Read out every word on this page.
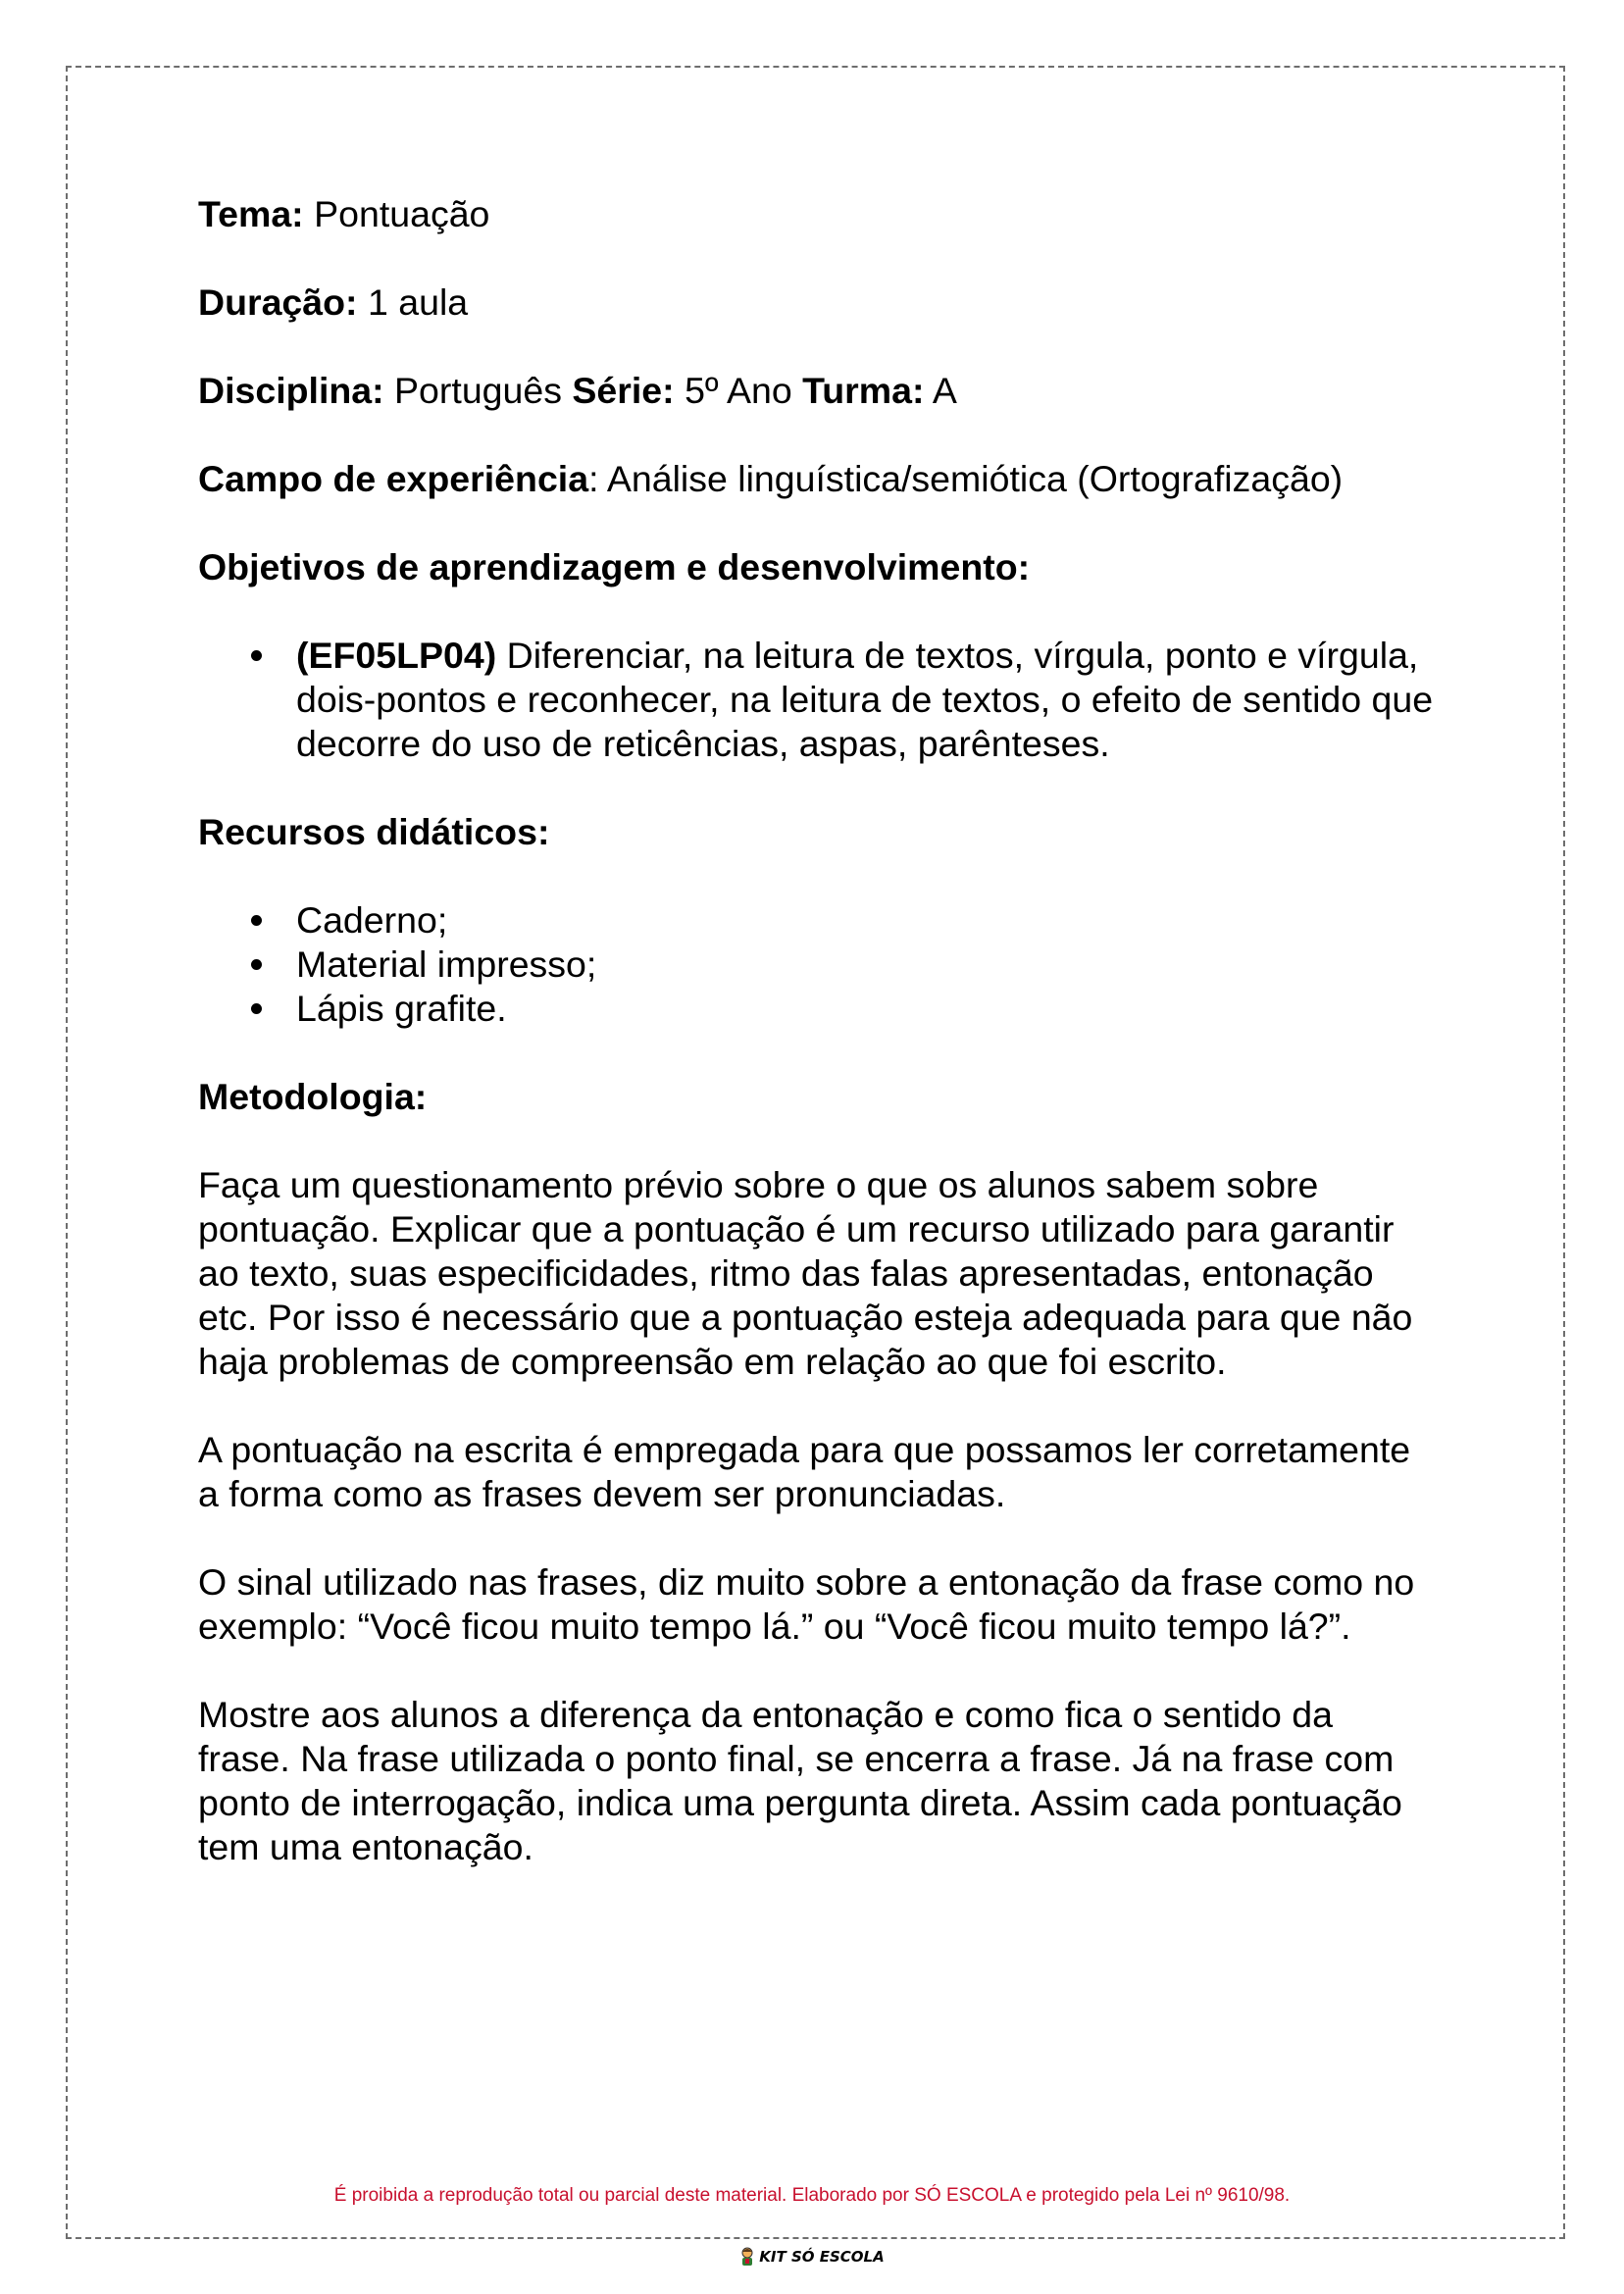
Tema: Pontuação

Duração: 1 aula

Disciplina: Português Série: 5º Ano Turma: A

Campo de experiência: Análise linguística/semiótica (Ortografização)

Objetivos de aprendizagem e desenvolvimento:

(EF05LP04) Diferenciar, na leitura de textos, vírgula, ponto e vírgula, dois-pontos e reconhecer, na leitura de textos, o efeito de sentido que decorre do uso de reticências, aspas, parênteses.

Recursos didáticos:

Caderno;
Material impresso;
Lápis grafite.

Metodologia:

Faça um questionamento prévio sobre o que os alunos sabem sobre pontuação. Explicar que a pontuação é um recurso utilizado para garantir ao texto, suas especificidades, ritmo das falas apresentadas, entonação etc. Por isso é necessário que a pontuação esteja adequada para que não haja problemas de compreensão em relação ao que foi escrito.

A pontuação na escrita é empregada para que possamos ler corretamente a forma como as frases devem ser pronunciadas.

O sinal utilizado nas frases, diz muito sobre a entonação da frase como no exemplo: “Você ficou muito tempo lá.” ou “Você ficou muito tempo lá?”.

Mostre aos alunos a diferença da entonação e como fica o sentido da frase. Na frase utilizada o ponto final, se encerra a frase. Já na frase com ponto de interrogação, indica uma pergunta direta. Assim cada pontuação tem uma entonação.

É proibida a reprodução total ou parcial deste material. Elaborado por SÓ ESCOLA e protegido pela Lei nº 9610/98.
KIT SÓ ESCOLA
